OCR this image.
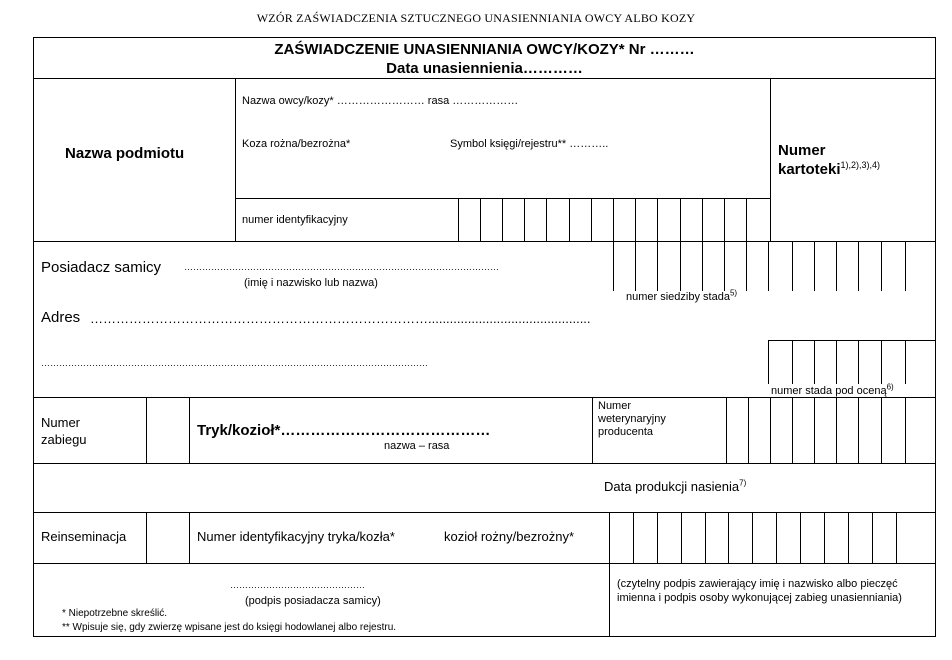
WZÓR ZAŚWIADCZENIA SZTUCZNEGO UNASIENNIANIA OWCY ALBO KOZY
ZAŚWIADCZENIE UNASIENNIANIA OWCY/KOZY* Nr ………
Data unasiennienia…………
Nazwa podmiotu
Nazwa owcy/kozy* …………………… rasa ………………
Koza rożna/bezrożna*	Symbol księgi/rejestru** ………..
numer identyfikacyjny
Numer
kartoteki$^{1),2),3),4)}$
Posiadacz samicy	……………………………………………………………………………………………
(imię i nazwisko lub nazwa)
numer siedziby stada$^{5)}$
Adres …………………………………………………………………….............................................
…………………………………………………………………………………………………………………
numer stada pod oceną$^{6)}$
Numer
zabiegu
Tryk/kozioł*……………………………………
nazwa – rasa
Numer
weterynaryjny
producenta
Data produkcji nasienia$^{7)}$
Reinseminacja	Numer identyfikacyjny tryka/kozła*	kozioł rożny/bezrożny*
………………………………………
(podpis posiadacza samicy)
(czytelny podpis zawierający imię i nazwisko albo pieczęć imienna i podpis osoby wykonującej zabieg unasienniania)
* Niepotrzebne skreślić.
** Wpisuje się, gdy zwierzę wpisane jest do księgi hodowlanej albo rejestru.
